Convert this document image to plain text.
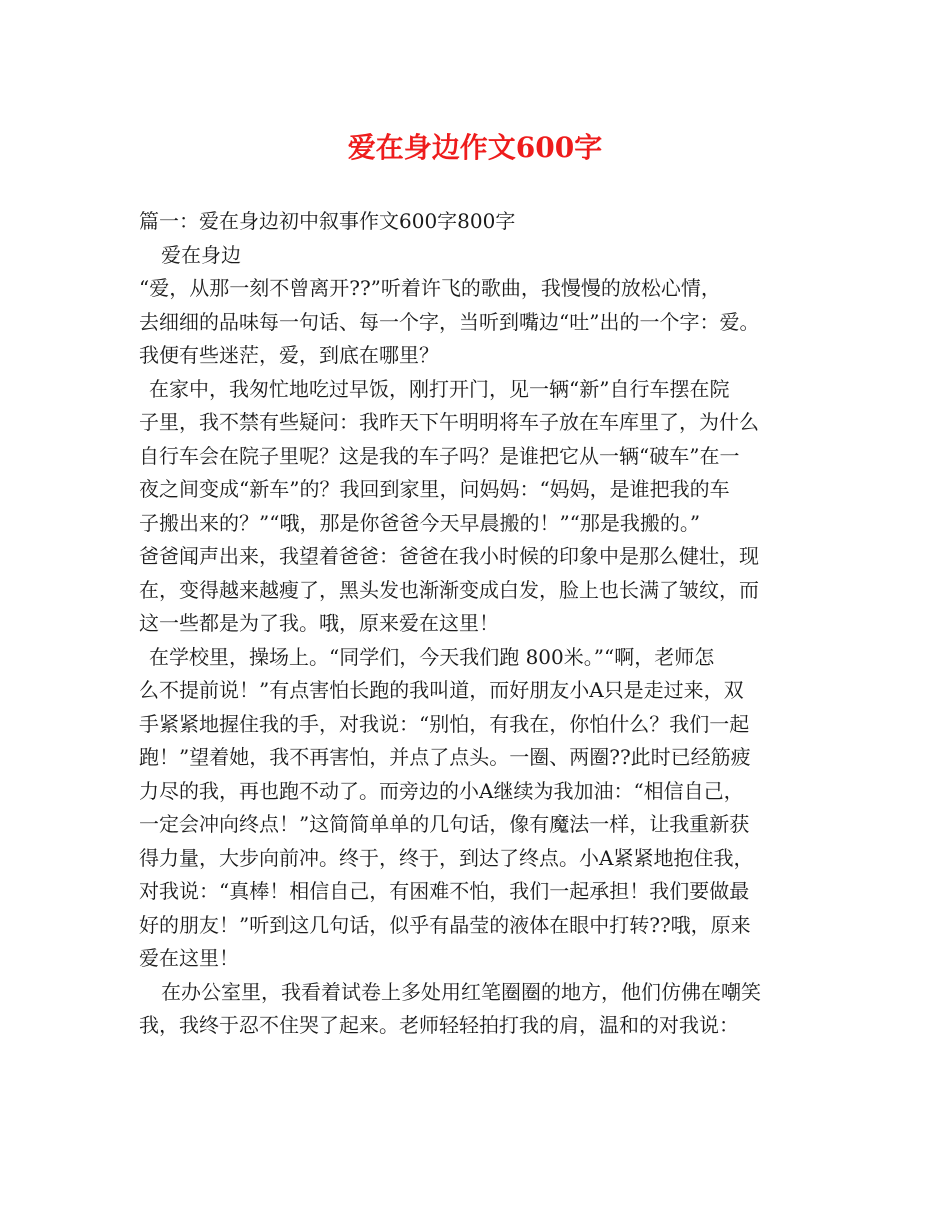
爱在身边作文600字

篇一：爱在身边初中叙事作文600字800字

爱在身边

“爱，从那一刻不曾离开??”听着许飞的歌曲，我慢慢的放松心情，

去细细的品味每一句话、每一个字，当听到嘴边“吐”出的一个字：爱。

我便有些迷茫，爱，到底在哪里？

在家中，我匆忙地吃过早饭，刚打开门，见一辆“新”自行车摆在院

子里，我不禁有些疑问：我昨天下午明明将车子放在车库里了，为什么

自行车会在院子里呢？这是我的车子吗？是谁把它从一辆“破车”在一

夜之间变成“新车”的？我回到家里，问妈妈：“妈妈，是谁把我的车

子搬出来的？”“哦，那是你爸爸今天早晨搬的！”“那是我搬的。”

爸爸闻声出来，我望着爸爸：爸爸在我小时候的印象中是那么健壮，现

在，变得越来越瘦了，黑头发也渐渐变成白发，脸上也长满了皱纹，而

这一些都是为了我。哦，原来爱在这里！

在学校里，操场上。“同学们，今天我们跑 800米。”“啊，老师怎

么不提前说！”有点害怕长跑的我叫道，而好朋友小A只是走过来，双

手紧紧地握住我的手，对我说：“别怕，有我在，你怕什么？我们一起

跑！”望着她，我不再害怕，并点了点头。一圈、两圈??此时已经筋疲

力尽的我，再也跑不动了。而旁边的小A继续为我加油：“相信自己，

一定会冲向终点！”这简简单单的几句话，像有魔法一样，让我重新获

得力量，大步向前冲。终于，终于，到达了终点。小A紧紧地抱住我，

对我说：“真棒！相信自己，有困难不怕，我们一起承担！我们要做最

好的朋友！”听到这几句话，似乎有晶莹的液体在眼中打转??哦，原来

爱在这里！

在办公室里，我看着试卷上多处用红笔圈圈的地方，他们仿佛在嘲笑

我，我终于忍不住哭了起来。老师轻轻拍打我的肩，温和的对我说：
